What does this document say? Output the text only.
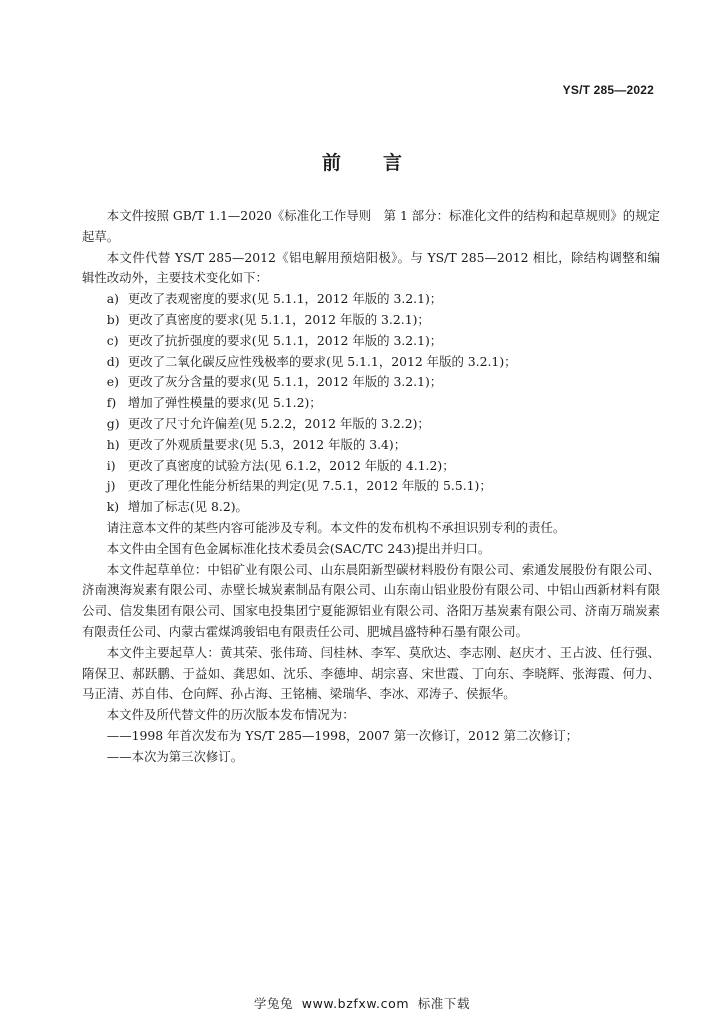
YS/T 285—2022
前言

本文件按照 GB/T 1.1—2020《标准化工作导则　第 1 部分：标准化文件的结构和起草规则》的规定起草。

本文件代替 YS/T 285—2012《铝电解用预焙阳极》。与 YS/T 285—2012 相比，除结构调整和编辑性改动外，主要技术变化如下：

a) 更改了表观密度的要求(见 5.1.1，2012 年版的 3.2.1)；

b) 更改了真密度的要求(见 5.1.1，2012 年版的 3.2.1)；

c) 更改了抗折强度的要求(见 5.1.1，2012 年版的 3.2.1)；

d) 更改了二氧化碳反应性残极率的要求(见 5.1.1，2012 年版的 3.2.1)；

e) 更改了灰分含量的要求(见 5.1.1，2012 年版的 3.2.1)；

f) 增加了弹性模量的要求(见 5.1.2)；

g) 更改了尺寸允许偏差(见 5.2.2，2012 年版的 3.2.2)；

h) 更改了外观质量要求(见 5.3，2012 年版的 3.4)；

i) 更改了真密度的试验方法(见 6.1.2，2012 年版的 4.1.2)；

j) 更改了理化性能分析结果的判定(见 7.5.1，2012 年版的 5.5.1)；

k) 增加了标志(见 8.2)。

请注意本文件的某些内容可能涉及专利。本文件的发布机构不承担识别专利的责任。

本文件由全国有色金属标准化技术委员会(SAC/TC 243)提出并归口。

本文件起草单位：中铝矿业有限公司、山东晨阳新型碳材料股份有限公司、索通发展股份有限公司、济南澳海炭素有限公司、赤壁长城炭素制品有限公司、山东南山铝业股份有限公司、中铝山西新材料有限公司、信发集团有限公司、国家电投集团宁夏能源铝业有限公司、洛阳万基炭素有限公司、济南万瑞炭素有限责任公司、内蒙古霍煤鸿骏铝电有限责任公司、肥城昌盛特种石墨有限公司。

本文件主要起草人：黄其荣、张伟琦、闫桂林、李军、莫欣达、李志刚、赵庆才、王占波、任行强、隋保卫、郝跃鹏、于益如、龚思如、沈乐、李德坤、胡宗喜、宋世霞、丁向东、李晓辉、张海霞、何力、马正清、苏自伟、仓向辉、孙占海、王铭楠、梁瑞华、李冰、邓涛子、侯振华。

本文件及所代替文件的历次版本发布情况为：

——1998 年首次发布为 YS/T 285—1998，2007 第一次修订，2012 第二次修订；

——本次为第三次修订。

学兔兔 www.bzfxw.com 标准下载
